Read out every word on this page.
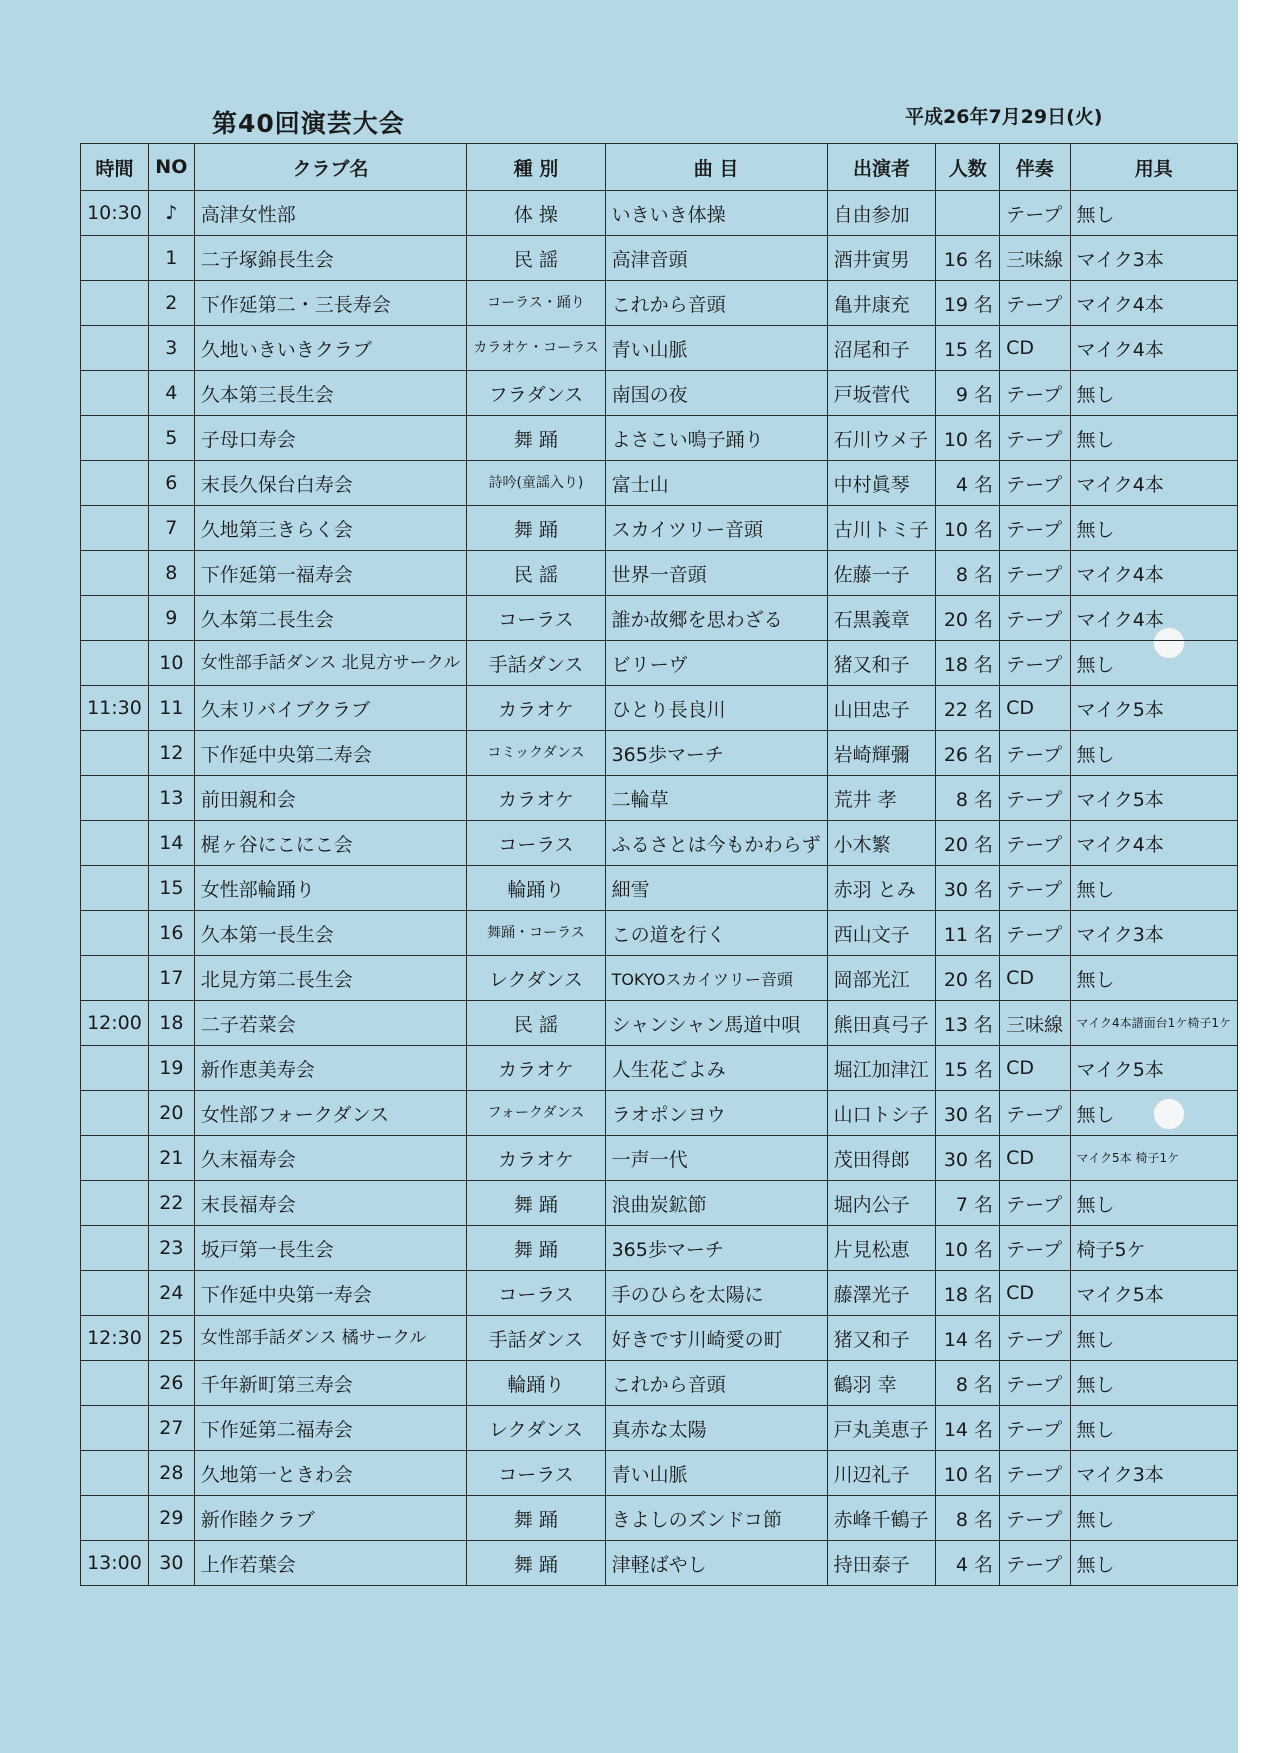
第40回演芸大会	平成26年7月29日(火)
時間	NO	クラブ名	種 別	曲 目	出演者	人数	伴奏	用具
10:30	♪	高津女性部	体 操	いきいき体操	自由参加		テープ	無し
	1	二子塚錦長生会	民 謡	高津音頭	酒井寅男	16 名	三味線	マイク3本
	2	下作延第二・三長寿会	コーラス・踊り	これから音頭	亀井康充	19 名	テープ	マイク4本
	3	久地いきいきクラブ	カラオケ・コーラス	青い山脈	沼尾和子	15 名	CD	マイク4本
	4	久本第三長生会	フラダンス	南国の夜	戸坂菅代	9 名	テープ	無し
	5	子母口寿会	舞 踊	よさこい鳴子踊り	石川ウメ子	10 名	テープ	無し
	6	末長久保台白寿会	詩吟(童謡入り)	富士山	中村眞琴	4 名	テープ	マイク4本
	7	久地第三きらく会	舞 踊	スカイツリー音頭	古川トミ子	10 名	テープ	無し
	8	下作延第一福寿会	民 謡	世界一音頭	佐藤一子	8 名	テープ	マイク4本
	9	久本第二長生会	コーラス	誰か故郷を思わざる	石黒義章	20 名	テープ	マイク4本
	10	女性部手話ダンス 北見方サークル	手話ダンス	ビリーヴ	猪又和子	18 名	テープ	無し
11:30	11	久末リバイブクラブ	カラオケ	ひとり長良川	山田忠子	22 名	CD	マイク5本
	12	下作延中央第二寿会	コミックダンス	365歩マーチ	岩崎輝彌	26 名	テープ	無し
	13	前田親和会	カラオケ	二輪草	荒井 孝	8 名	テープ	マイク5本
	14	梶ヶ谷にこにこ会	コーラス	ふるさとは今もかわらず	小木繁	20 名	テープ	マイク4本
	15	女性部輪踊り	輪踊り	細雪	赤羽 とみ	30 名	テープ	無し
	16	久本第一長生会	舞踊・コーラス	この道を行く	西山文子	11 名	テープ	マイク3本
	17	北見方第二長生会	レクダンス	TOKYOスカイツリー音頭	岡部光江	20 名	CD	無し
12:00	18	二子若菜会	民 謡	シャンシャン馬道中唄	熊田真弓子	13 名	三味線	マイク4本譜面台1ケ椅子1ケ
	19	新作恵美寿会	カラオケ	人生花ごよみ	堀江加津江	15 名	CD	マイク5本
	20	女性部フォークダンス	フォークダンス	ラオポンヨウ	山口トシ子	30 名	テープ	無し
	21	久末福寿会	カラオケ	一声一代	茂田得郎	30 名	CD	マイク5本 椅子1ケ
	22	末長福寿会	舞 踊	浪曲炭鉱節	堀内公子	7 名	テープ	無し
	23	坂戸第一長生会	舞 踊	365歩マーチ	片見松恵	10 名	テープ	椅子5ケ
	24	下作延中央第一寿会	コーラス	手のひらを太陽に	藤澤光子	18 名	CD	マイク5本
12:30	25	女性部手話ダンス 橘サークル	手話ダンス	好きです川崎愛の町	猪又和子	14 名	テープ	無し
	26	千年新町第三寿会	輪踊り	これから音頭	鶴羽 幸	8 名	テープ	無し
	27	下作延第二福寿会	レクダンス	真赤な太陽	戸丸美恵子	14 名	テープ	無し
	28	久地第一ときわ会	コーラス	青い山脈	川辺礼子	10 名	テープ	マイク3本
	29	新作睦クラブ	舞 踊	きよしのズンドコ節	赤峰千鶴子	8 名	テープ	無し
13:00	30	上作若葉会	舞 踊	津軽ばやし	持田泰子	4 名	テープ	無し
